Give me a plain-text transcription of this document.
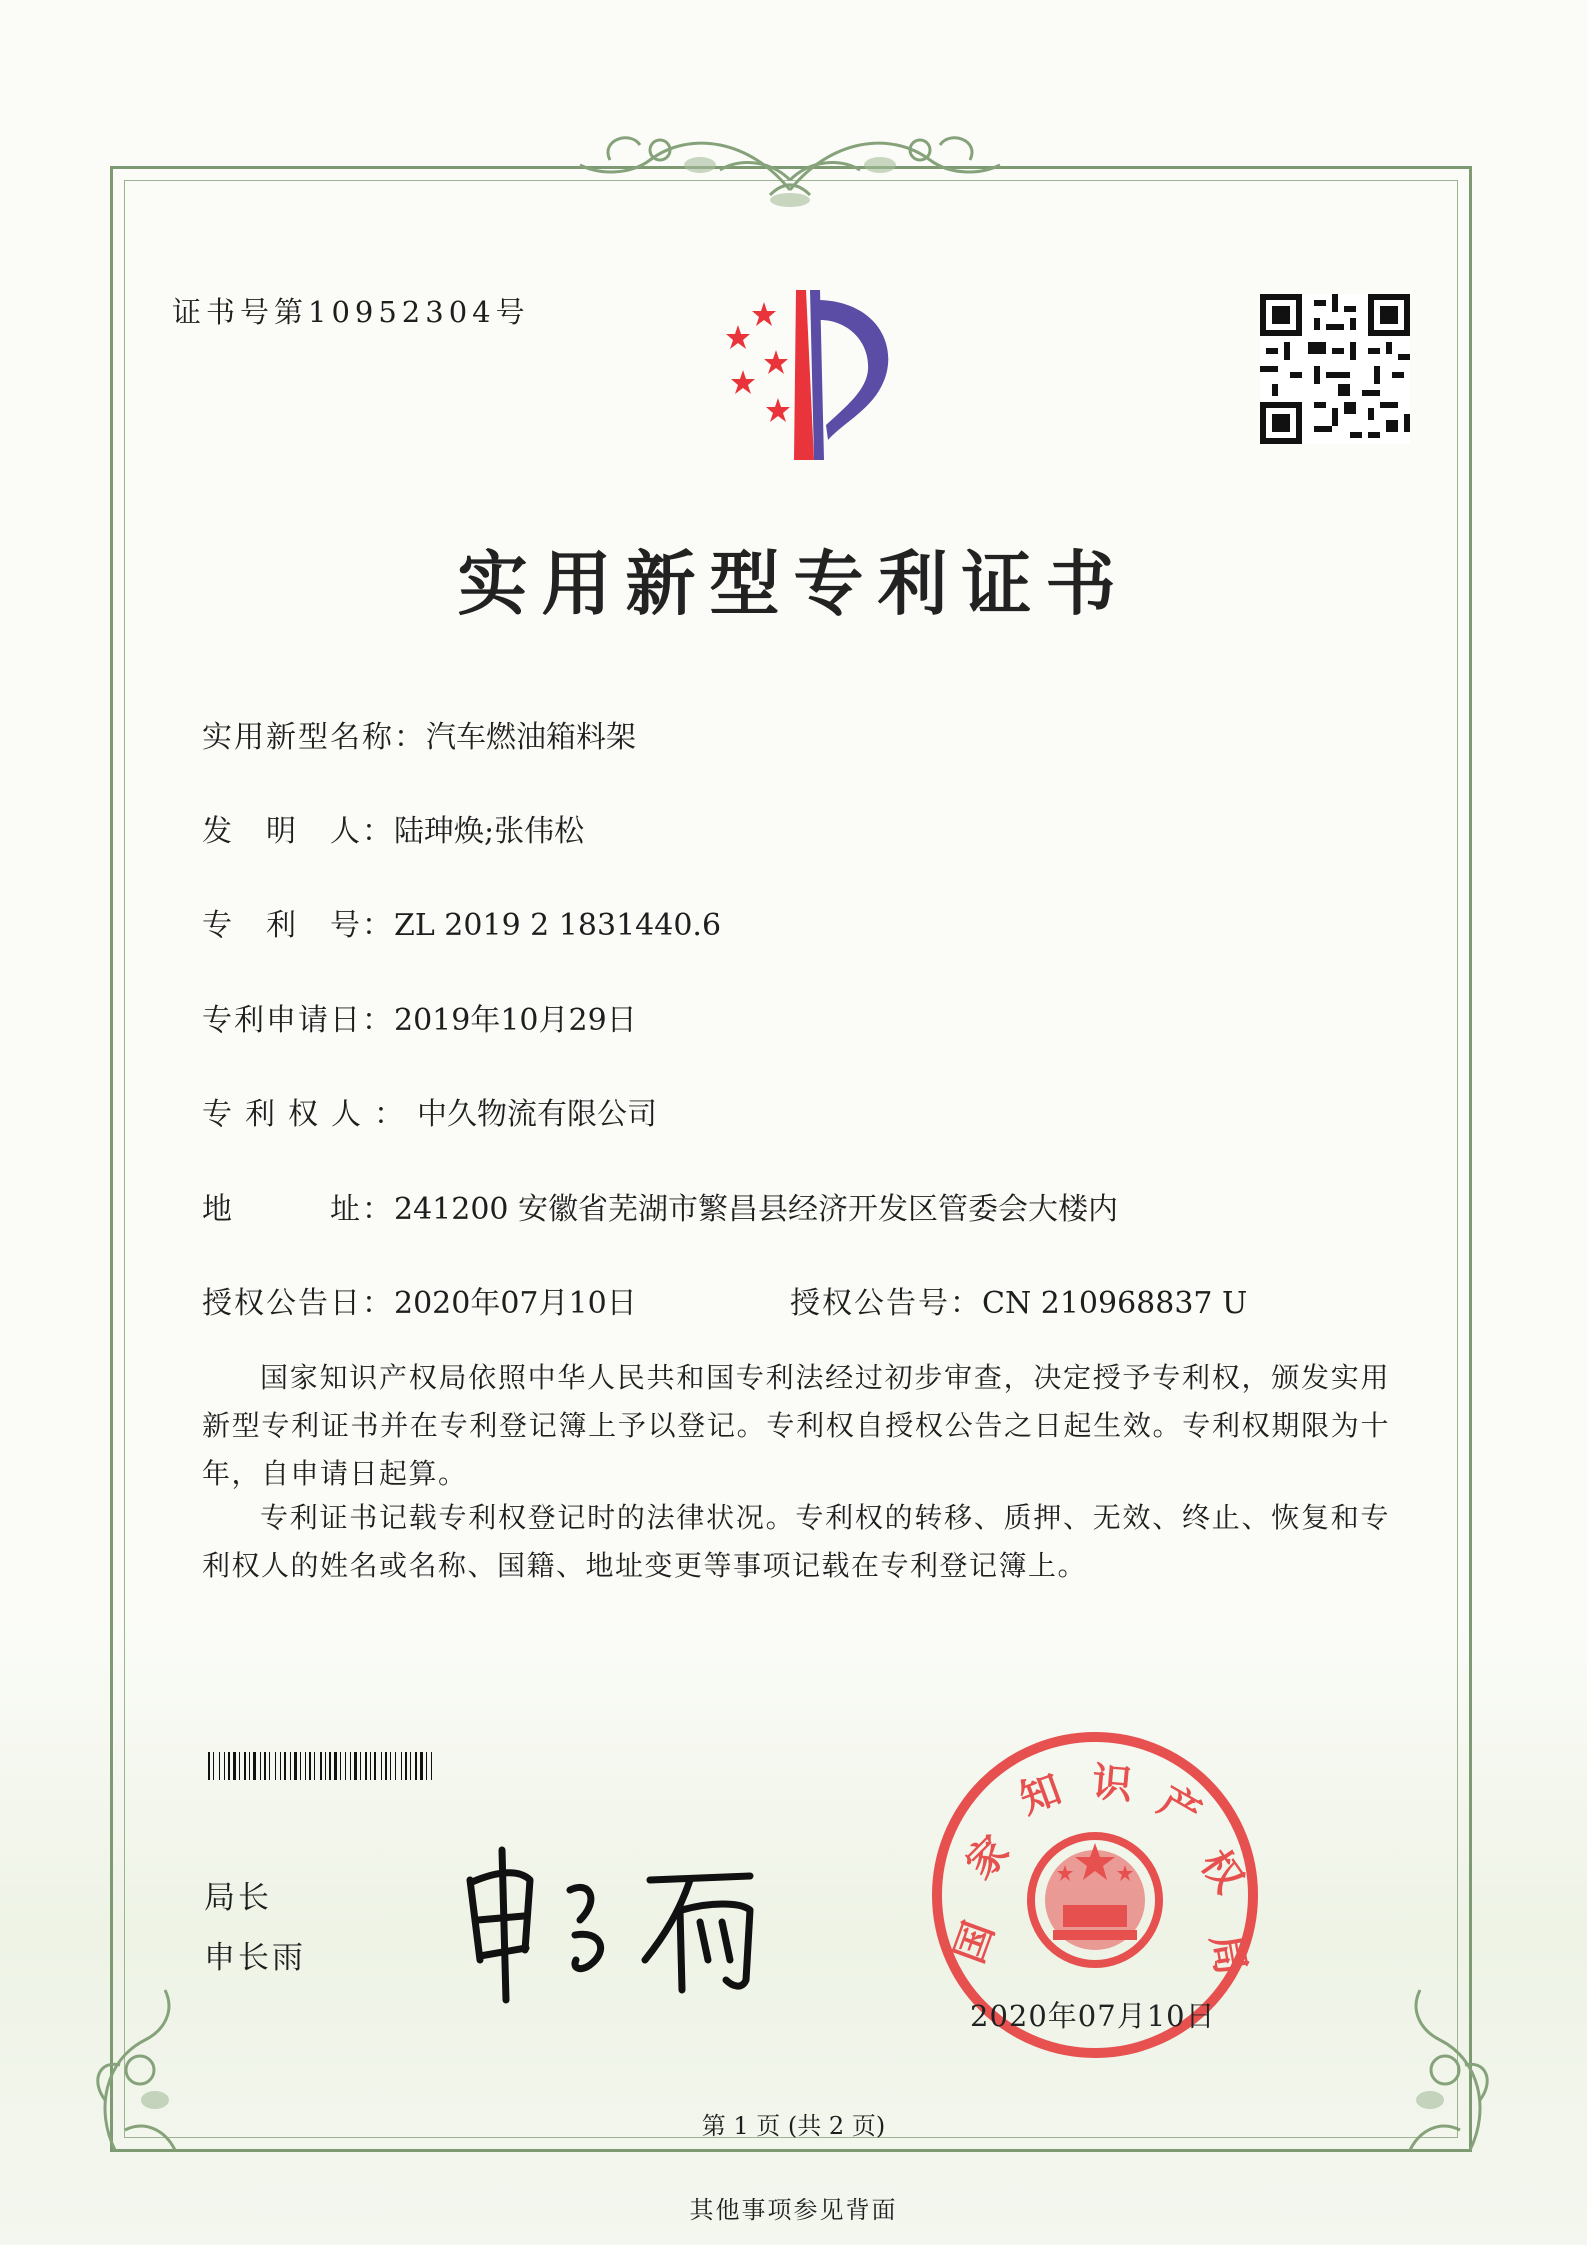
证书号第10952304号
实用新型专利证书
实用新型名称：汽车燃油箱料架
发　明　人：陆珅焕;张伟松
专　利　号：ZL 2019 2 1831440.6
专利申请日：2019年10月29日
专利权人：中久物流有限公司
地　　　址：241200 安徽省芜湖市繁昌县经济开发区管委会大楼内
授权公告日：2020年07月10日	授权公告号：CN 210968837 U
国家知识产权局依照中华人民共和国专利法经过初步审查，决定授予专利权，颁发实用新型专利证书并在专利登记簿上予以登记。专利权自授权公告之日起生效。专利权期限为十年，自申请日起算。
专利证书记载专利权登记时的法律状况。专利权的转移、质押、无效、终止、恢复和专利权人的姓名或名称、国籍、地址变更等事项记载在专利登记簿上。
局长
申长雨	国
家
知 识 产
权
局
2020年07月10日
第 1 页 (共 2 页)
其他事项参见背面
